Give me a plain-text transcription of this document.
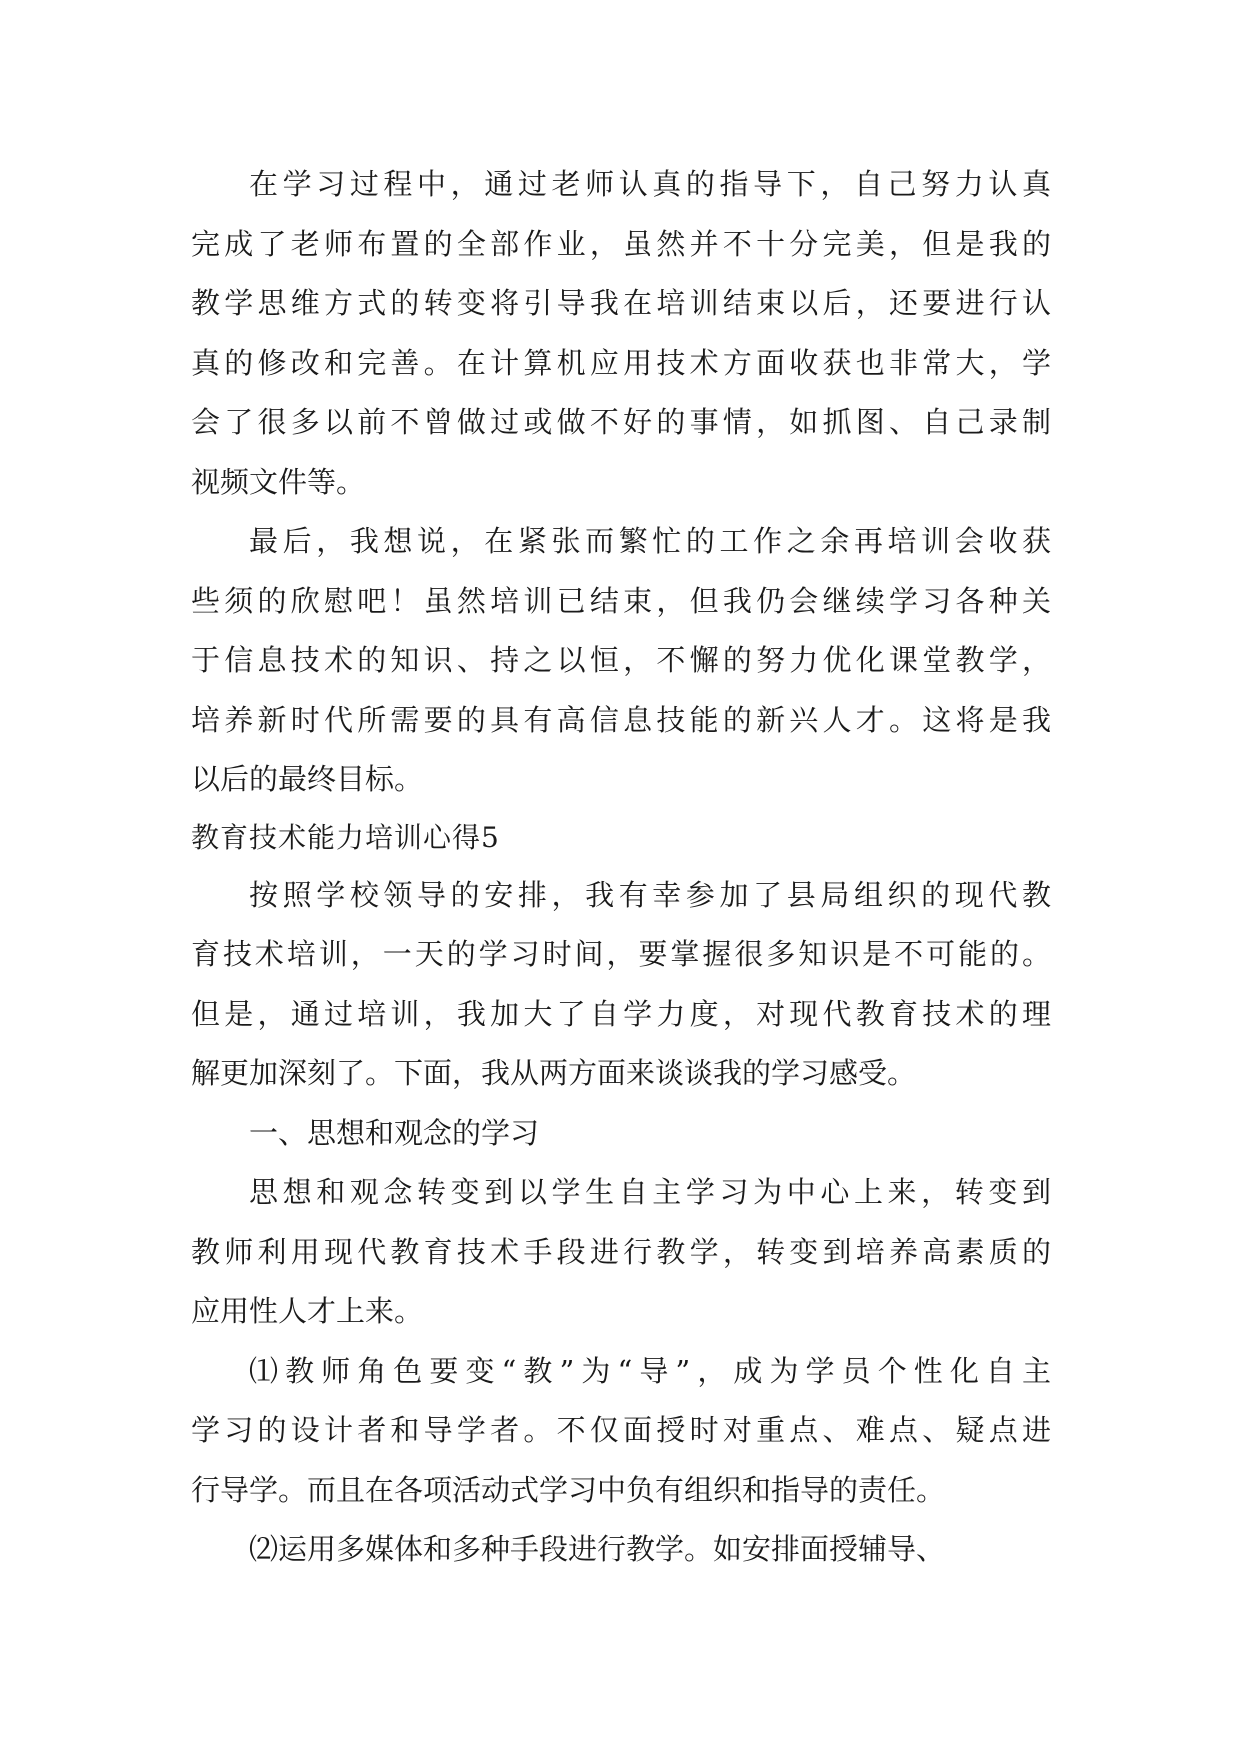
在学习过程中，通过老师认真的指导下，自己努力认真
完成了老师布置的全部作业，虽然并不十分完美，但是我的
教学思维方式的转变将引导我在培训结束以后，还要进行认
真的修改和完善。在计算机应用技术方面收获也非常大，学
会了很多以前不曾做过或做不好的事情，如抓图、自己录制
视频文件等。
最后，我想说，在紧张而繁忙的工作之余再培训会收获
些须的欣慰吧！虽然培训已结束，但我仍会继续学习各种关
于信息技术的知识、持之以恒，不懈的努力优化课堂教学，
培养新时代所需要的具有高信息技能的新兴人才。这将是我
以后的最终目标。
教育技术能力培训心得5
按照学校领导的安排，我有幸参加了县局组织的现代教
育技术培训，一天的学习时间，要掌握很多知识是不可能的。
但是，通过培训，我加大了自学力度，对现代教育技术的理
解更加深刻了。下面，我从两方面来谈谈我的学习感受。
一、思想和观念的学习
思想和观念转变到以学生自主学习为中心上来，转变到
教师利用现代教育技术手段进行教学，转变到培养高素质的
应用性人才上来。
⑴教师角色要变“教”为“导”，成为学员个性化自主
学习的设计者和导学者。不仅面授时对重点、难点、疑点进
行导学。而且在各项活动式学习中负有组织和指导的责任。
⑵运用多媒体和多种手段进行教学。如安排面授辅导、
